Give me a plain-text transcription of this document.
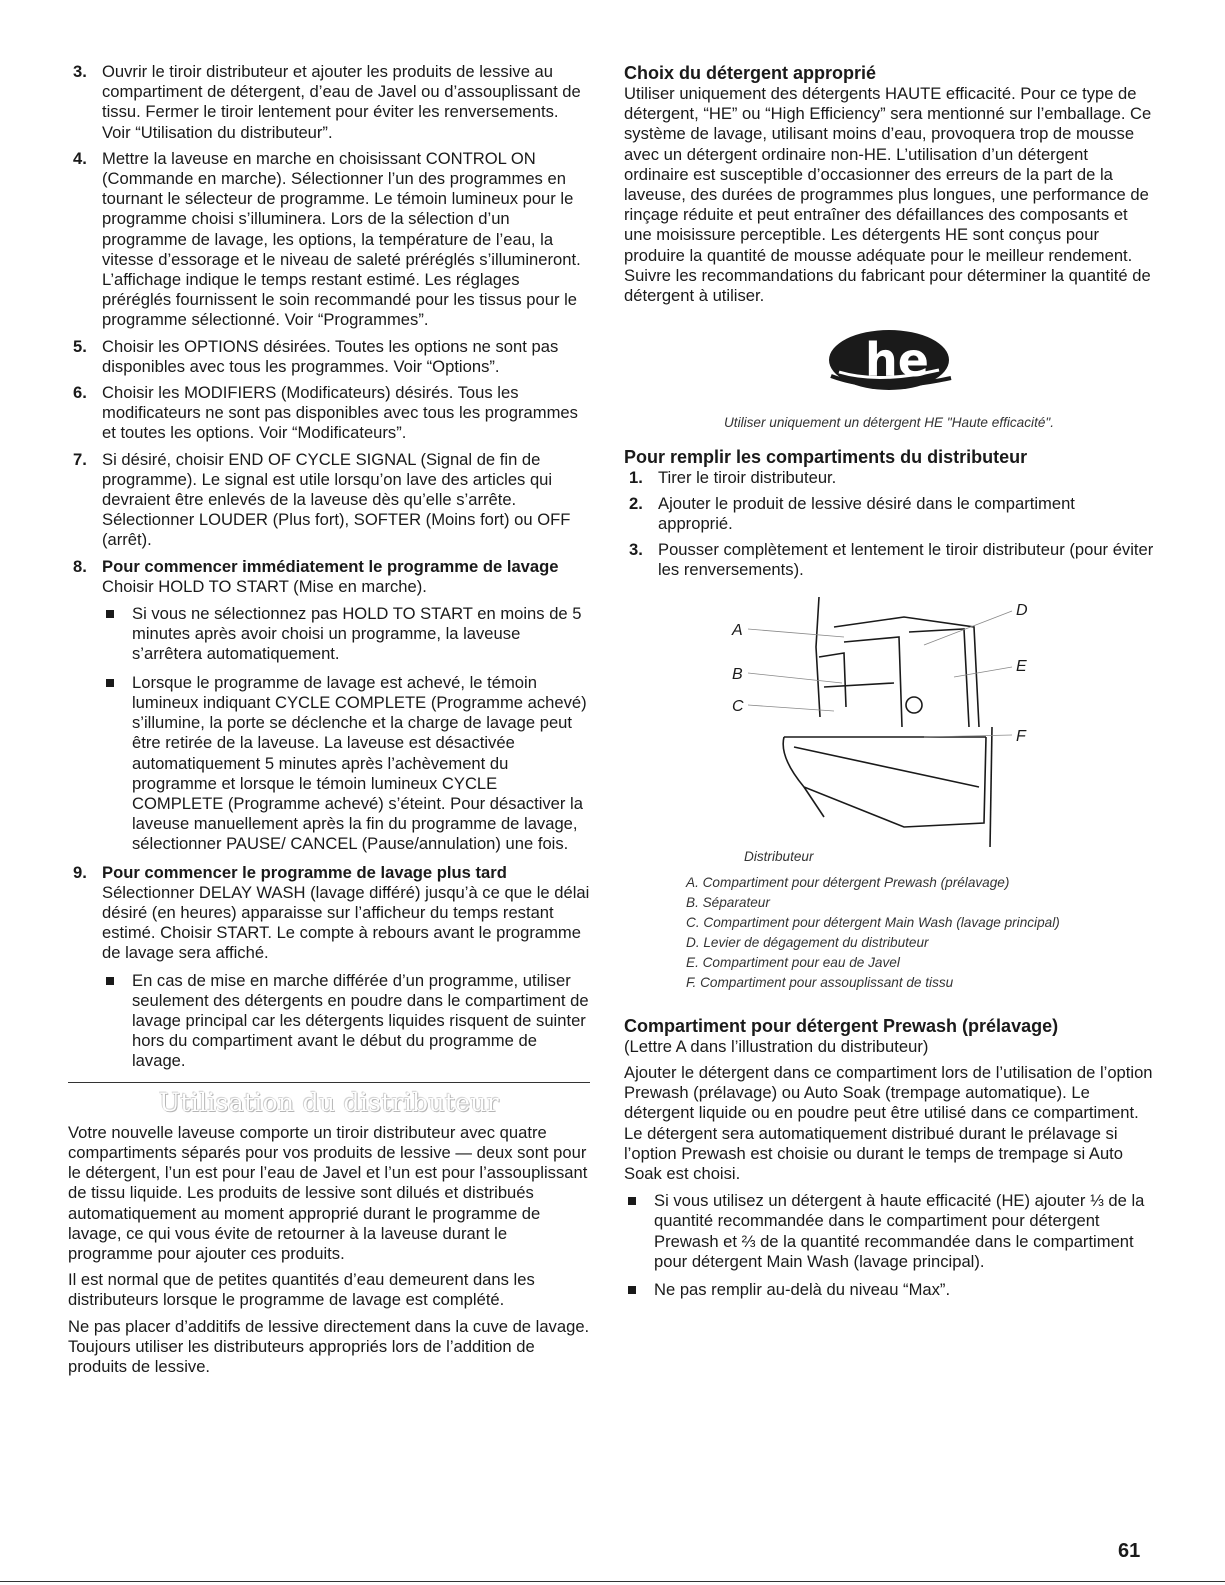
3. Ouvrir le tiroir distributeur et ajouter les produits de lessive au compartiment de détergent, d’eau de Javel ou d’assouplissant de tissu. Fermer le tiroir lentement pour éviter les renversements. Voir “Utilisation du distributeur”.
4. Mettre la laveuse en marche en choisissant CONTROL ON (Commande en marche). Sélectionner l’un des programmes en tournant le sélecteur de programme. Le témoin lumineux pour le programme choisi s’illuminera. Lors de la sélection d’un programme de lavage, les options, la température de l’eau, la vitesse d’essorage et le niveau de saleté préréglés s’illumineront. L’affichage indique le temps restant estimé. Les réglages préréglés fournissent le soin recommandé pour les tissus pour le programme sélectionné. Voir “Programmes”.
5. Choisir les OPTIONS désirées. Toutes les options ne sont pas disponibles avec tous les programmes. Voir “Options”.
6. Choisir les MODIFIERS (Modificateurs) désirés. Tous les modificateurs ne sont pas disponibles avec tous les programmes et toutes les options. Voir “Modificateurs”.
7. Si désiré, choisir END OF CYCLE SIGNAL (Signal de fin de programme). Le signal est utile lorsqu’on lave des articles qui devraient être enlevés de la laveuse dès qu’elle s’arrête. Sélectionner LOUDER (Plus fort), SOFTER (Moins fort) ou OFF (arrêt).
8. Pour commencer immédiatement le programme de lavage
Choisir HOLD TO START (Mise en marche).
Si vous ne sélectionnez pas HOLD TO START en moins de 5 minutes après avoir choisi un programme, la laveuse s’arrêtera automatiquement.
Lorsque le programme de lavage est achevé, le témoin lumineux indiquant CYCLE COMPLETE (Programme achevé) s’illumine, la porte se déclenche et la charge de lavage peut être retirée de la laveuse. La laveuse est désactivée automatiquement 5 minutes après l’achèvement du programme et lorsque le témoin lumineux CYCLE COMPLETE (Programme achevé) s’éteint. Pour désactiver la laveuse manuellement après la fin du programme de lavage, sélectionner PAUSE/ CANCEL (Pause/annulation) une fois.
9. Pour commencer le programme de lavage plus tard
Sélectionner DELAY WASH (lavage différé) jusqu’à ce que le délai désiré (en heures) apparaisse sur l’afficheur du temps restant estimé. Choisir START. Le compte à rebours avant le programme de lavage sera affiché.
En cas de mise en marche différée d’un programme, utiliser seulement des détergents en poudre dans le compartiment de lavage principal car les détergents liquides risquent de suinter hors du compartiment avant le début du programme de lavage.
Utilisation du distributeur

Votre nouvelle laveuse comporte un tiroir distributeur avec quatre compartiments séparés pour vos produits de lessive — deux sont pour le détergent, l’un est pour l’eau de Javel et l’un est pour l’assouplissant de tissu liquide. Les produits de lessive sont dilués et distribués automatiquement au moment approprié durant le programme de lavage, ce qui vous évite de retourner à la laveuse durant le programme pour ajouter ces produits.

Il est normal que de petites quantités d’eau demeurent dans les distributeurs lorsque le programme de lavage est complété.

Ne pas placer d’additifs de lessive directement dans la cuve de lavage. Toujours utiliser les distributeurs appropriés lors de l’addition de produits de lessive.

Choix du détergent approprié

Utiliser uniquement des détergents HAUTE efficacité. Pour ce type de détergent, “HE” ou “High Efficiency” sera mentionné sur l’emballage. Ce système de lavage, utilisant moins d’eau, provoquera trop de mousse avec un détergent ordinaire non-HE. L’utilisation d’un détergent ordinaire est susceptible d’occasionner des erreurs de la part de la laveuse, des durées de programmes plus longues, une performance de rinçage réduite et peut entraîner des défaillances des composants et une moisissure perceptible. Les détergents HE sont conçus pour produire la quantité de mousse adéquate pour le meilleur rendement. Suivre les recommandations du fabricant pour déterminer la quantité de détergent à utiliser.

he
Utiliser uniquement un détergent HE "Haute efficacité".
Pour remplir les compartiments du distributeur
1. Tirer le tiroir distributeur.
2. Ajouter le produit de lessive désiré dans le compartiment approprié.
3. Pousser complètement et lentement le tiroir distributeur (pour éviter les renversements).
A
B
C
D
E
F
Distributeur
A. Compartiment pour détergent Prewash (prélavage)
B. Séparateur
C. Compartiment pour détergent Main Wash (lavage principal)
D. Levier de dégagement du distributeur
E. Compartiment pour eau de Javel
F. Compartiment pour assouplissant de tissu
Compartiment pour détergent Prewash (prélavage)

(Lettre A dans l’illustration du distributeur)

Ajouter le détergent dans ce compartiment lors de l’utilisation de l’option Prewash (prélavage) ou Auto Soak (trempage automatique). Le détergent liquide ou en poudre peut être utilisé dans ce compartiment. Le détergent sera automatiquement distribué durant le prélavage si l’option Prewash est choisie ou durant le temps de trempage si Auto Soak est choisi.

Si vous utilisez un détergent à haute efficacité (HE) ajouter ⅓ de la quantité recommandée dans le compartiment pour détergent Prewash et ⅔ de la quantité recommandée dans le compartiment pour détergent Main Wash (lavage principal).
Ne pas remplir au-delà du niveau “Max”.
61
